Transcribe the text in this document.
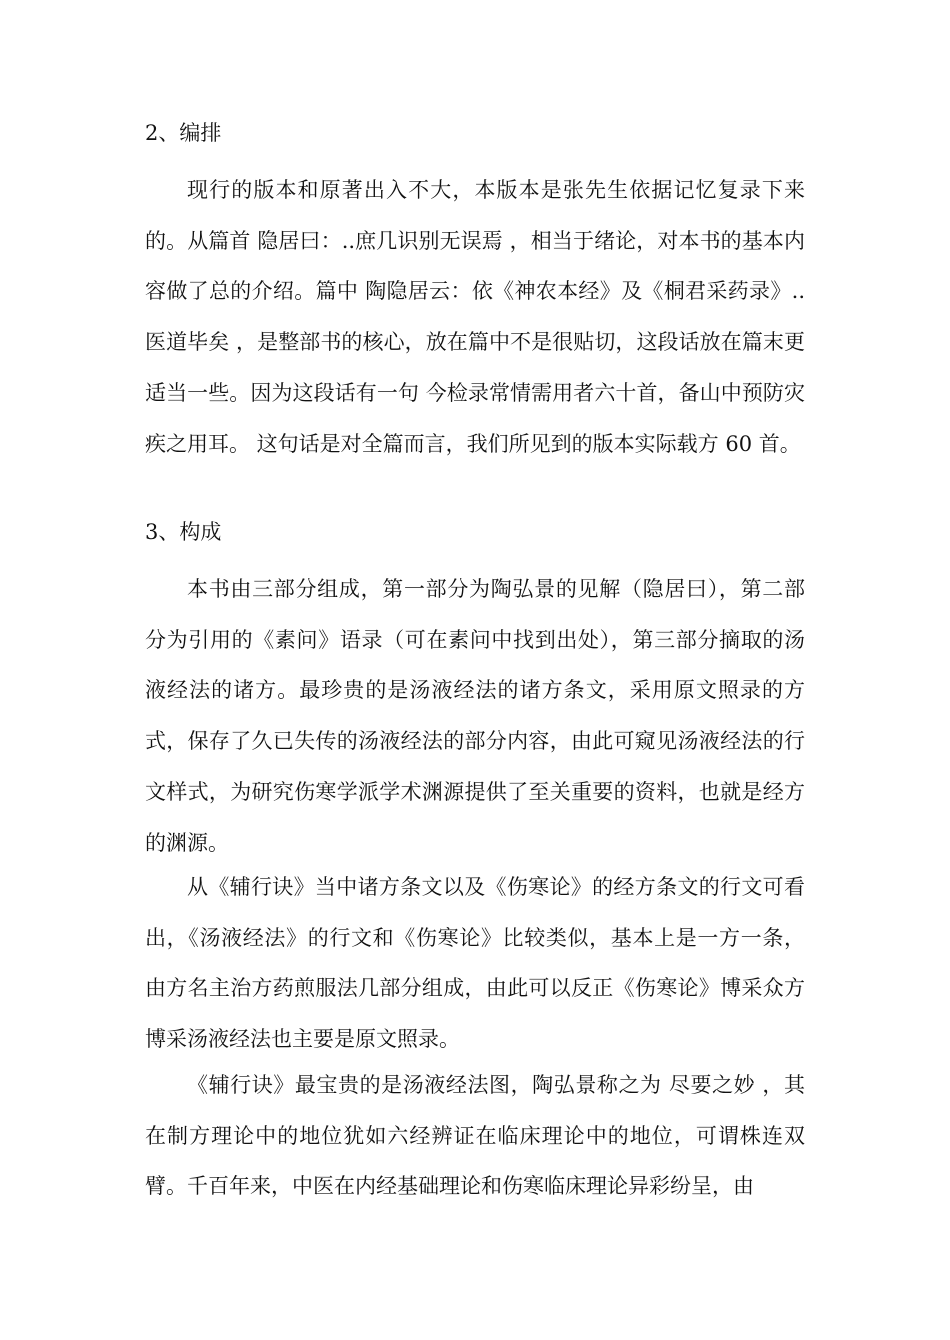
2、编排

现行的版本和原著出入不大，本版本是张先生依据记忆复录下来的。从篇首 隐居曰：..庶几识别无误焉 ，相当于绪论，对本书的基本内容做了总的介绍。篇中 陶隐居云：依《神农本经》及《桐君采药录》..医道毕矣 ，是整部书的核心，放在篇中不是很贴切，这段话放在篇末更适当一些。因为这段话有一句 今检录常情需用者六十首，备山中预防灾疾之用耳。 这句话是对全篇而言，我们所见到的版本实际载方 60 首。

3、构成

本书由三部分组成，第一部分为陶弘景的见解（隐居曰），第二部分为引用的《素问》语录（可在素问中找到出处），第三部分摘取的汤液经法的诸方。最珍贵的是汤液经法的诸方条文，采用原文照录的方式，保存了久已失传的汤液经法的部分内容，由此可窥见汤液经法的行文样式，为研究伤寒学派学术渊源提供了至关重要的资料，也就是经方的渊源。

从《辅行诀》当中诸方条文以及《伤寒论》的经方条文的行文可看出，《汤液经法》的行文和《伤寒论》比较类似，基本上是一方一条，由方名主治方药煎服法几部分组成，由此可以反正《伤寒论》博采众方博采汤液经法也主要是原文照录。

《辅行诀》最宝贵的是汤液经法图，陶弘景称之为 尽要之妙 ，其在制方理论中的地位犹如六经辨证在临床理论中的地位，可谓株连双臂。千百年来，中医在内经基础理论和伤寒临床理论异彩纷呈，由
